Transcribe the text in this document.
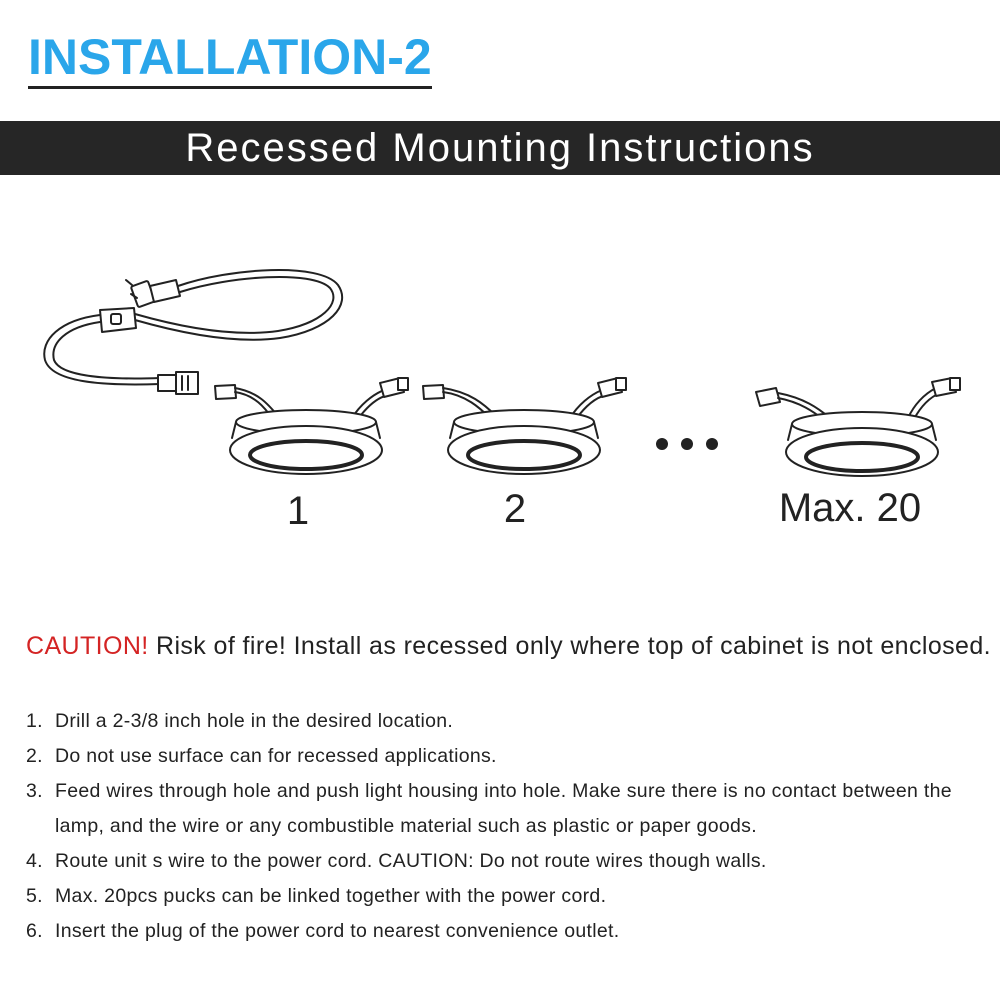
INSTALLATION-2
Recessed Mounting Instructions
1	2	Max. 20
CAUTION! Risk of fire! Install as recessed only where top of cabinet is not enclosed.
1. Drill a 2-3/8 inch hole in the desired location.
2. Do not use surface can for recessed applications.
3. Feed wires through hole and push light housing into hole. Make sure there is no contact between the lamp, and the wire or any combustible material such as plastic or paper goods.
4. Route unit s wire to the power cord. CAUTION: Do not route wires though walls.
5. Max. 20pcs pucks can be linked together with the power cord.
6. Insert the plug of the power cord to nearest convenience outlet.
